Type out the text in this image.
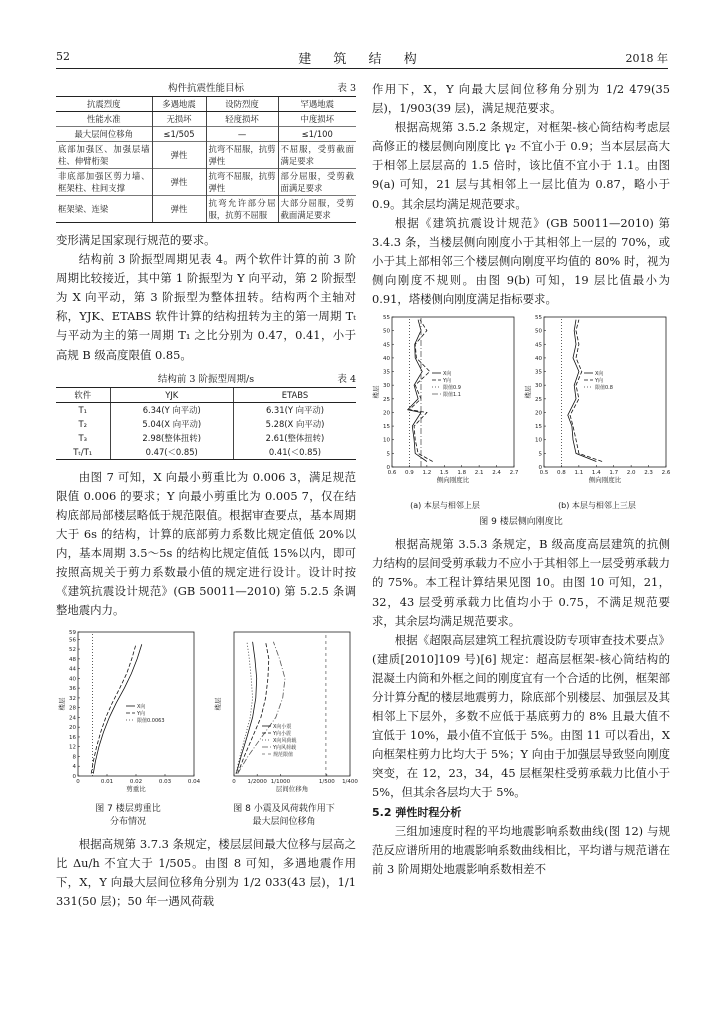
52	建 筑 结 构	2018 年
构件抗震性能目标	表 3
抗震烈度	多遇地震	设防烈度	罕遇地震
性能水准	无损坏	轻度损坏	中度损坏
最大层间位移角	≤1/505	—	≤1/100
底部加强区、加强层墙柱、伸臂桁架	弹性	抗弯不屈服，抗剪弹性	不屈服，受剪截面满足要求
非底部加强区剪力墙、框架柱、柱间支撑	弹性	抗弯不屈服，抗剪弹性	部分屈服，受剪截面满足要求
框架梁、连梁	弹性	抗弯允许部分屈服，抗剪不屈服	大部分屈服，受剪截面满足要求

变形满足国家现行规范的要求。

结构前 3 阶振型周期见表 4。两个软件计算的前 3 阶周期比较接近，其中第 1 阶振型为 Y 向平动，第 2 阶振型为 X 向平动，第 3 阶振型为整体扭转。结构两个主轴对称，YJK、ETABS 软件计算的结构扭转为主的第一周期 Tₜ 与平动为主的第一周期 T₁ 之比分别为 0.47，0.41，小于高规 B 级高度限值 0.85。

结构前 3 阶振型周期/s	表 4
软件	YJK	ETABS
T₁	6.34(Y 向平动)	6.31(Y 向平动)
T₂	5.04(X 向平动)	5.28(X 向平动)
T₃	2.98(整体扭转)	2.61(整体扭转)
Tₜ/T₁	0.47(＜0.85)	0.41(＜0.85)

由图 7 可知，X 向最小剪重比为 0.006 3，满足规范限值 0.006 的要求；Y 向最小剪重比为 0.005 7，仅在结构底部局部楼层略低于规范限值。根据审查要点，基本周期大于 6s 的结构，计算的底部剪力系数比规定值低 20%以内，基本周期 3.5～5s 的结构比规定值低 15%以内，即可按照高规关于剪力系数最小值的规定进行设计。设计时按《建筑抗震设计规范》(GB 50011—2010) 第 5.2.5 条调整地震内力。

0
4
8
12
16
20
24
28
32
36
40
44
48
52
56
59
0	0.01	0.02	0.03	0.04
剪重比
楼层	X向
Y向
限值0.0063
图 7 楼层剪重比
分布情况
0 1/2000 1/1000	1/500 1/400
层间位移角
楼层
X向小震
Y向小震
X向风荷载
Y向风荷载
规范限值
图 8 小震及风荷载作用下
最大层间位移角

根据高规第 3.7.3 条规定，楼层层间最大位移与层高之比 Δu/h 不宜大于 1/505。由图 8 可知，多遇地震作用下，X，Y 向最大层间位移角分别为 1/2 033(43 层)，1/1 331(50 层)；50 年一遇风荷载

作用下，X，Y 向最大层间位移角分别为 1/2 479(35 层)，1/903(39 层)，满足规范要求。

根据高规第 3.5.2 条规定，对框架-核心筒结构考虑层高修正的楼层侧向刚度比 γ₂ 不宜小于 0.9；当本层层高大于相邻上层层高的 1.5 倍时，该比值不宜小于 1.1。由图 9(a) 可知，21 层与其相邻上一层比值为 0.87，略小于 0.9。其余层均满足规范要求。

根据《建筑抗震设计规范》(GB 50011—2010) 第 3.4.3 条，当楼层侧向刚度小于其相邻上一层的 70%，或小于其上部相邻三个楼层侧向刚度平均值的 80% 时，视为侧向刚度不规则。由图 9(b) 可知，19 层比值最小为 0.91，塔楼侧向刚度满足指标要求。

0
5
10
15
20
25
30
35
40
45
50
55
0.6 0.9 1.2 1.5 1.8 2.1 2.4 2.7
侧向刚度比
楼层
X向
Y向
限值0.9
限值1.1
(a) 本层与相邻上层
0
5
10
15
20
25
30
35
40
45
50
55
0.5 0.8 1.1 1.4 1.7 2.0 2.3 2.6
侧向刚度比
楼层
X向
Y向
限值0.8
(b) 本层与相邻上三层
图 9 楼层侧向刚度比

根据高规第 3.5.3 条规定，B 级高度高层建筑的抗侧力结构的层间受剪承载力不应小于其相邻上一层受剪承载力的 75%。本工程计算结果见图 10。由图 10 可知，21，32，43 层受剪承载力比值均小于 0.75，不满足规范要求，其余层均满足规范要求。

根据《超限高层建筑工程抗震设防专项审查技术要点》(建质[2010]109 号)[6] 规定：超高层框架-核心筒结构的混凝土内筒和外框之间的刚度宜有一个合适的比例，框架部分计算分配的楼层地震剪力，除底部个别楼层、加强层及其相邻上下层外，多数不应低于基底剪力的 8% 且最大值不宜低于 10%，最小值不宜低于 5%。由图 11 可以看出，X 向框架柱剪力比均大于 5%；Y 向由于加强层导致竖向刚度突变，在 12，23，34，45 层框架柱受剪承载力比值小于 5%，但其余各层均大于 5%。

5.2 弹性时程分析

三组加速度时程的平均地震影响系数曲线(图 12) 与规范反应谱所用的地震影响系数曲线相比，平均谱与规范谱在前 3 阶周期处地震影响系数相差不
